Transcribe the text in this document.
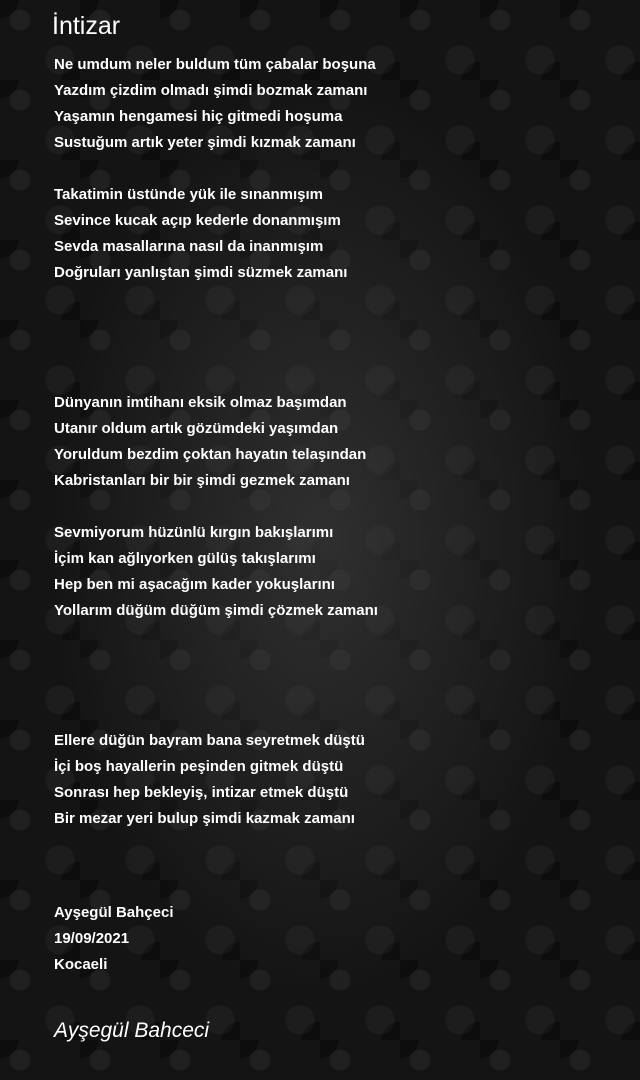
İntizar
Ne umdum neler buldum tüm çabalar boşuna
Yazdım çizdim olmadı şimdi bozmak zamanı
Yaşamın hengamesi hiç gitmedi hoşuma
Sustuğum artık yeter şimdi kızmak zamanı
Takatimin üstünde yük ile sınanmışım
Sevince kucak açıp kederle donanmışım
Sevda masallarına nasıl da inanmışım
Doğruları yanlıştan şimdi süzmek zamanı
Dünyanın imtihanı eksik olmaz başımdan
Utanır oldum artık gözümdeki yaşımdan
Yoruldum bezdim çoktan hayatın telaşından
Kabristanları bir bir şimdi gezmek zamanı
Sevmiyorum hüzünlü kırgın bakışlarımı
İçim kan ağlıyorken gülüş takışlarımı
Hep ben mi aşacağım kader yokuşlarını
Yollarım düğüm düğüm şimdi çözmek zamanı
Ellere düğün bayram bana seyretmek düştü
İçi boş hayallerin peşinden gitmek düştü
Sonrası hep bekleyiş, intizar etmek düştü
Bir mezar yeri bulup şimdi kazmak zamanı
Ayşegül Bahçeci
19/09/2021
Kocaeli
Ayşegül Bahceci
